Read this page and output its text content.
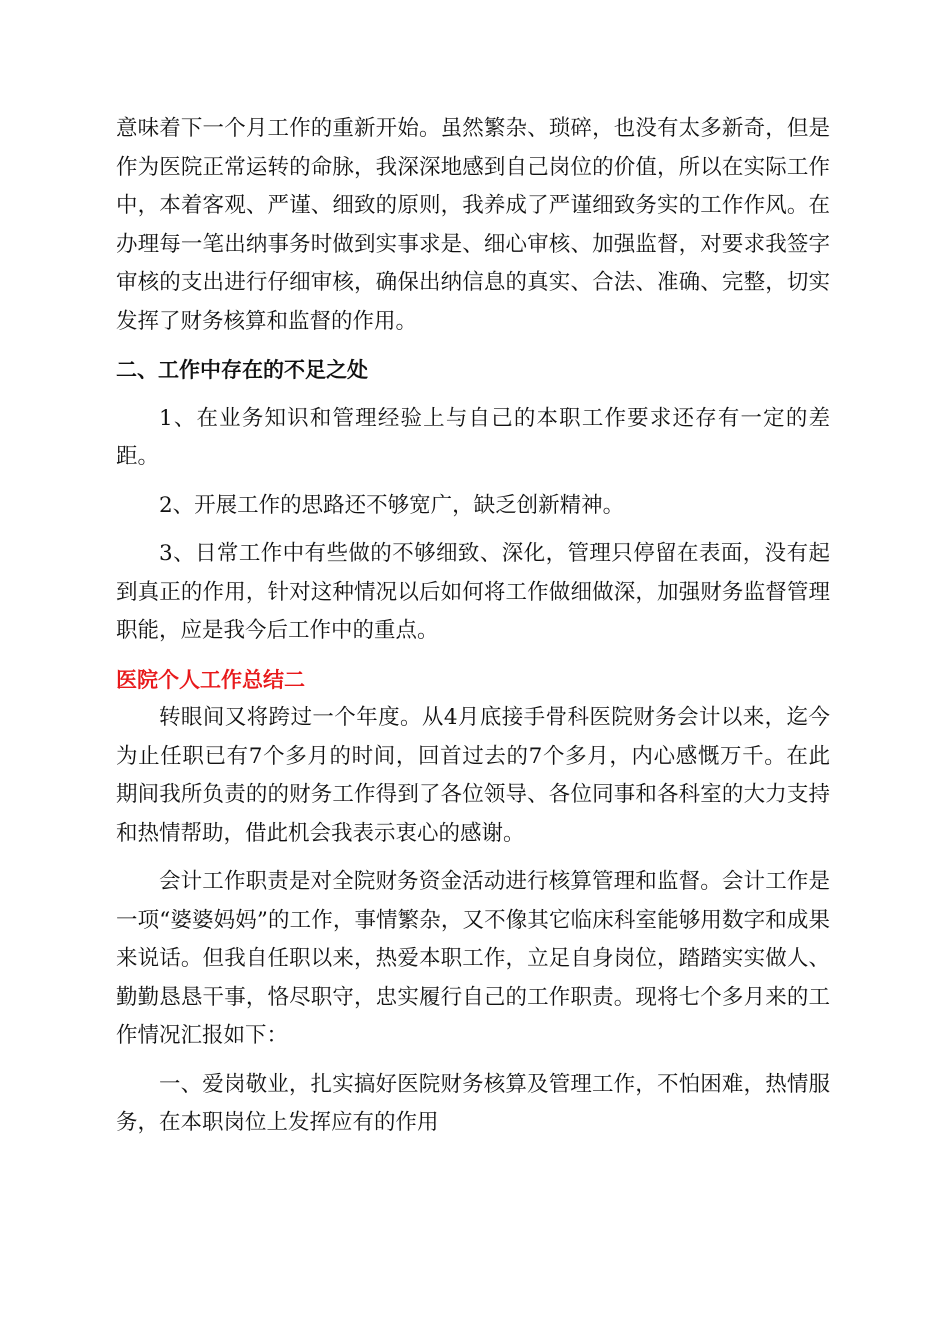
意味着下一个月工作的重新开始。虽然繁杂、琐碎，也没有太多新奇，但是作为医院正常运转的命脉，我深深地感到自己岗位的价值，所以在实际工作中，本着客观、严谨、细致的原则，我养成了严谨细致务实的工作作风。在办理每一笔出纳事务时做到实事求是、细心审核、加强监督，对要求我签字审核的支出进行仔细审核，确保出纳信息的真实、合法、准确、完整，切实发挥了财务核算和监督的作用。

二、工作中存在的不足之处

1、在业务知识和管理经验上与自己的本职工作要求还存有一定的差距。

2、开展工作的思路还不够宽广，缺乏创新精神。

3、日常工作中有些做的不够细致、深化，管理只停留在表面，没有起到真正的作用，针对这种情况以后如何将工作做细做深，加强财务监督管理职能，应是我今后工作中的重点。

医院个人工作总结二

转眼间又将跨过一个年度。从4月底接手骨科医院财务会计以来，迄今为止任职已有7个多月的时间，回首过去的7个多月，内心感慨万千。在此期间我所负责的的财务工作得到了各位领导、各位同事和各科室的大力支持和热情帮助，借此机会我表示衷心的感谢。

会计工作职责是对全院财务资金活动进行核算管理和监督。会计工作是一项“婆婆妈妈”的工作，事情繁杂，又不像其它临床科室能够用数字和成果来说话。但我自任职以来，热爱本职工作，立足自身岗位，踏踏实实做人、勤勤恳恳干事，恪尽职守，忠实履行自己的工作职责。现将七个多月来的工作情况汇报如下：

一、爱岗敬业，扎实搞好医院财务核算及管理工作，不怕困难，热情服务，在本职岗位上发挥应有的作用
